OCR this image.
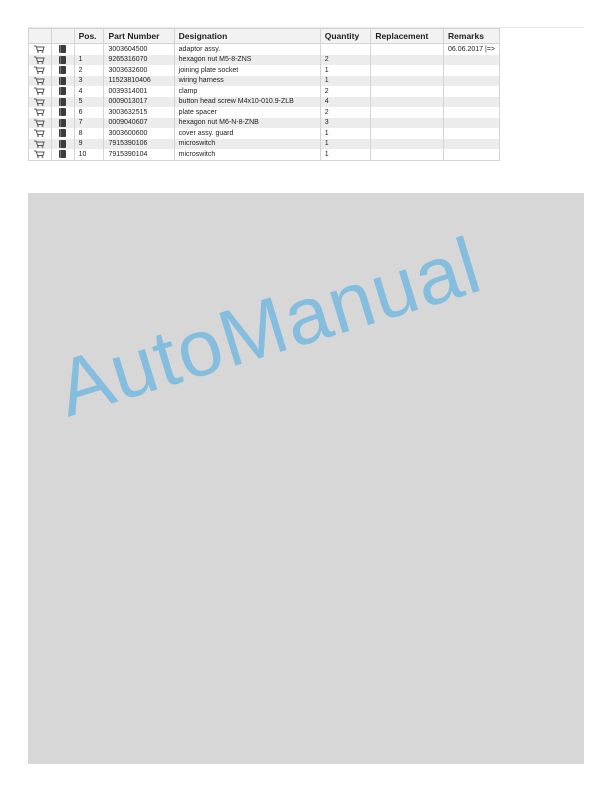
AutoManual
		Pos.	Part Number	Designation	Quantity	Replacement	Remarks
			3003604500	adaptor assy.			06.06.2017 |=>
		1	9265316070	hexagon nut M5-8-ZNS	2		
		2	3003632600	joining plate socket	1		
		3	11523810406	wiring harness	1		
		4	0039314001	clamp	2		
		5	0009013017	button head screw M4x10-010.9-ZLB	4		
		6	3003632515	plate spacer	2		
		7	0009040607	hexagon nut M6-N-8-ZNB	3		
		8	3003600600	cover assy. guard	1		
		9	7915390106	microswitch	1		
		10	7915390104	microswitch	1		
